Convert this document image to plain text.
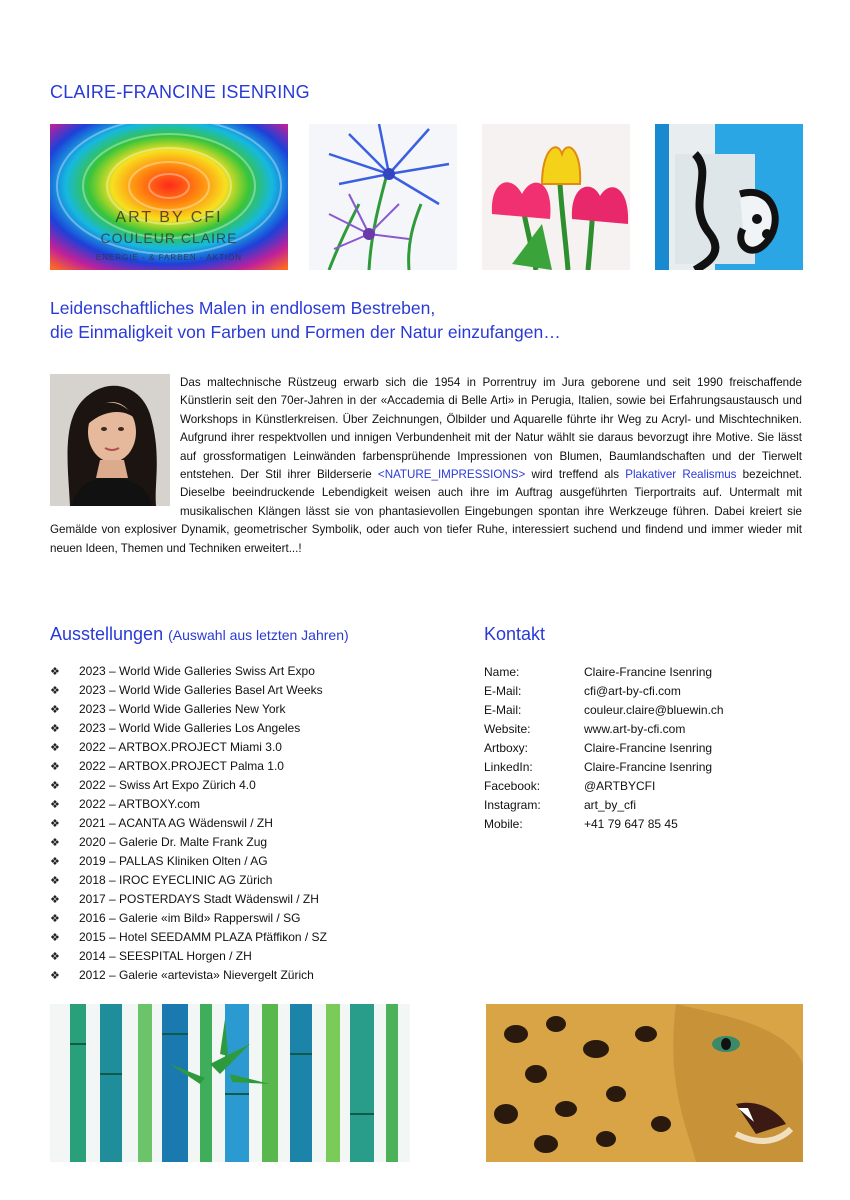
CLAIRE-FRANCINE ISENRING
ART BY CFI
COULEUR CLAIRE
ENERGIE - & FARBEN - AKTION
Leidenschaftliches Malen in endlosem Bestreben,
die Einmaligkeit von Farben und Formen der Natur einzufangen…
Das maltechnische Rüstzeug erwarb sich die 1954 in Porrentruy im Jura geborene und seit 1990 freischaffende Künstlerin seit den 70er-Jahren in der «Accademia di Belle Arti» in Perugia, Italien, sowie bei Erfahrungsaustausch und Workshops in Künstlerkreisen. Über Zeichnungen, Ölbilder und Aquarelle führte ihr Weg zu Acryl- und Mischtechniken. Aufgrund ihrer respektvollen und innigen Verbundenheit mit der Natur wählt sie daraus bevorzugt ihre Motive. Sie lässt auf grossformatigen Leinwänden farbensprühende Impressionen von Blumen, Baumlandschaften und der Tierwelt entstehen. Der Stil ihrer Bilderserie <NATURE_IMPRESSIONS> wird treffend als Plakativer Realismus bezeichnet. Dieselbe beeindruckende Lebendigkeit weisen auch ihre im Auftrag ausgeführten Tierportraits auf. Untermalt mit musikalischen Klängen lässt sie von phantasievollen Eingebungen spontan ihre Werkzeuge führen. Dabei kreiert sie Gemälde von explosiver Dynamik, geometrischer Symbolik, oder auch von tiefer Ruhe, interessiert suchend und findend und immer wieder mit neuen Ideen, Themen und Techniken erweitert...!
Ausstellungen (Auswahl aus letzten Jahren)
❖ 2023 – World Wide Galleries Swiss Art Expo
❖ 2023 – World Wide Galleries Basel Art Weeks
❖ 2023 – World Wide Galleries New York
❖ 2023 – World Wide Galleries Los Angeles
❖ 2022 – ARTBOX.PROJECT Miami 3.0
❖ 2022 – ARTBOX.PROJECT Palma 1.0
❖ 2022 – Swiss Art Expo Zürich 4.0
❖ 2022 – ARTBOXY.com
❖ 2021 – ACANTA AG Wädenswil / ZH
❖ 2020 – Galerie Dr. Malte Frank Zug
❖ 2019 – PALLAS Kliniken Olten / AG
❖ 2018 – IROC EYECLINIC AG Zürich
❖ 2017 – POSTERDAYS Stadt Wädenswil / ZH
❖ 2016 – Galerie «im Bild» Rapperswil / SG
❖ 2015 – Hotel SEEDAMM PLAZA Pfäffikon / SZ
❖ 2014 – SEESPITAL Horgen / ZH
❖ 2012 – Galerie «artevista» Nievergelt Zürich
Kontakt
Name:	Claire-Francine Isenring
E-Mail:	cfi@art-by-cfi.com
E-Mail:	couleur.claire@bluewin.ch
Website:	www.art-by-cfi.com
Artboxy:	Claire-Francine Isenring
LinkedIn:	Claire-Francine Isenring
Facebook:	@ARTBYCFI
Instagram:	art_by_cfi
Mobile:	+41 79 647 85 45
